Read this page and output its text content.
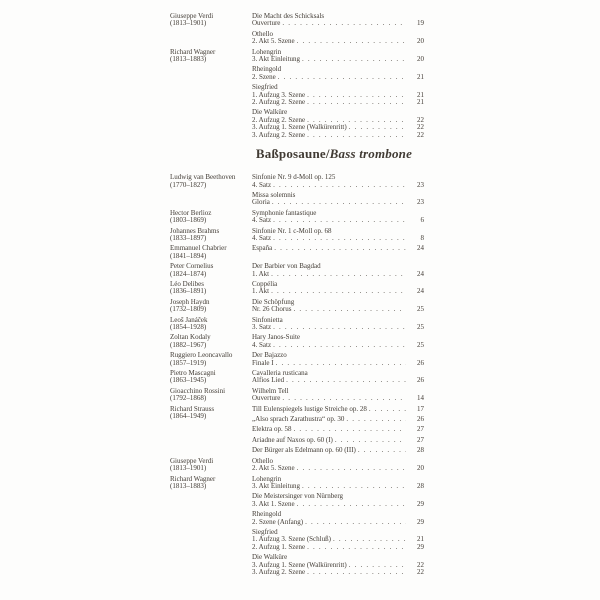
Giuseppe Verdi
(1813–1901)
Die Macht des Schicksals
Ouverture . . .	19
Othello
2. Akt 5. Szene . . .	20
Richard Wagner
(1813–1883)
Lohengrin
3. Akt Einleitung . . .	20
Rheingold
2. Szene . . .	21
Siegfried
1. Aufzug 3. Szene . . .	21
2. Aufzug 2. Szene . . .	21
Die Walküre
2. Aufzug 2. Szene . . .	22
3. Aufzug 1. Szene (Walkürenritt) . . .	22
3. Aufzug 2. Szene . . .	22
Baßposaune/Bass trombone
Ludwig van Beethoven
(1770–1827)
Sinfonie Nr. 9 d-Moll op. 125
4. Satz . . .	23
Missa solemnis
Gloria . . .	23
Hector Berlioz
(1803–1869)
Symphonie fantastique
4. Satz . . .	6
Johannes Brahms
(1833–1897)
Sinfonie Nr. 1 c-Moll op. 68
4. Satz . . .	8
Emmanuel Chabrier
(1841–1894)
España . . .	24
Peter Cornelius
(1824–1874)
Der Barbier von Bagdad
1. Akt . . .	24
Léo Delibes
(1836–1891)
Coppélia
1. Akt . . .	24
Joseph Haydn
(1732–1809)
Die Schöpfung
Nr. 26 Chorus . . .	25
Leoš Janáček
(1854–1928)
Sinfonietta
3. Satz . . .	25
Zoltan Kodaly
(1882–1967)
Hary Janos-Suite
4. Satz . . .	25
Ruggiero Leoncavallo
(1857–1919)
Der Bajazzo
Finale I . . .	26
Pietro Mascagni
(1863–1945)
Cavalleria rusticana
Alfios Lied . . .	26
Gioacchino Rossini
(1792–1868)
Wilhelm Tell
Ouverture . . .	14
Richard Strauss
(1864–1949)
Till Eulenspiegels lustige Streiche op. 28 . . .	17
„Also sprach Zarathustra“ op. 30 . . .	26
Elektra op. 58 . . .	27
Ariadne auf Naxos op. 60 (I) . . .	27
Der Bürger als Edelmann op. 60 (III) . . .	28
Giuseppe Verdi
(1813–1901)
Othello
2. Akt 5. Szene . . .	20
Richard Wagner
(1813–1883)
Lohengrin
3. Akt Einleitung . . .	28
Die Meistersinger von Nürnberg
3. Akt 1. Szene . . .	29
Rheingold
2. Szene (Anfang) . . .	29
Siegfried
1. Aufzug 3. Szene (Schluß) . . .	21
2. Aufzug 1. Szene . . .	29
Die Walküre
3. Aufzug 1. Szene (Walkürenritt) . . .	22
3. Aufzug 2. Szene . . .	22
